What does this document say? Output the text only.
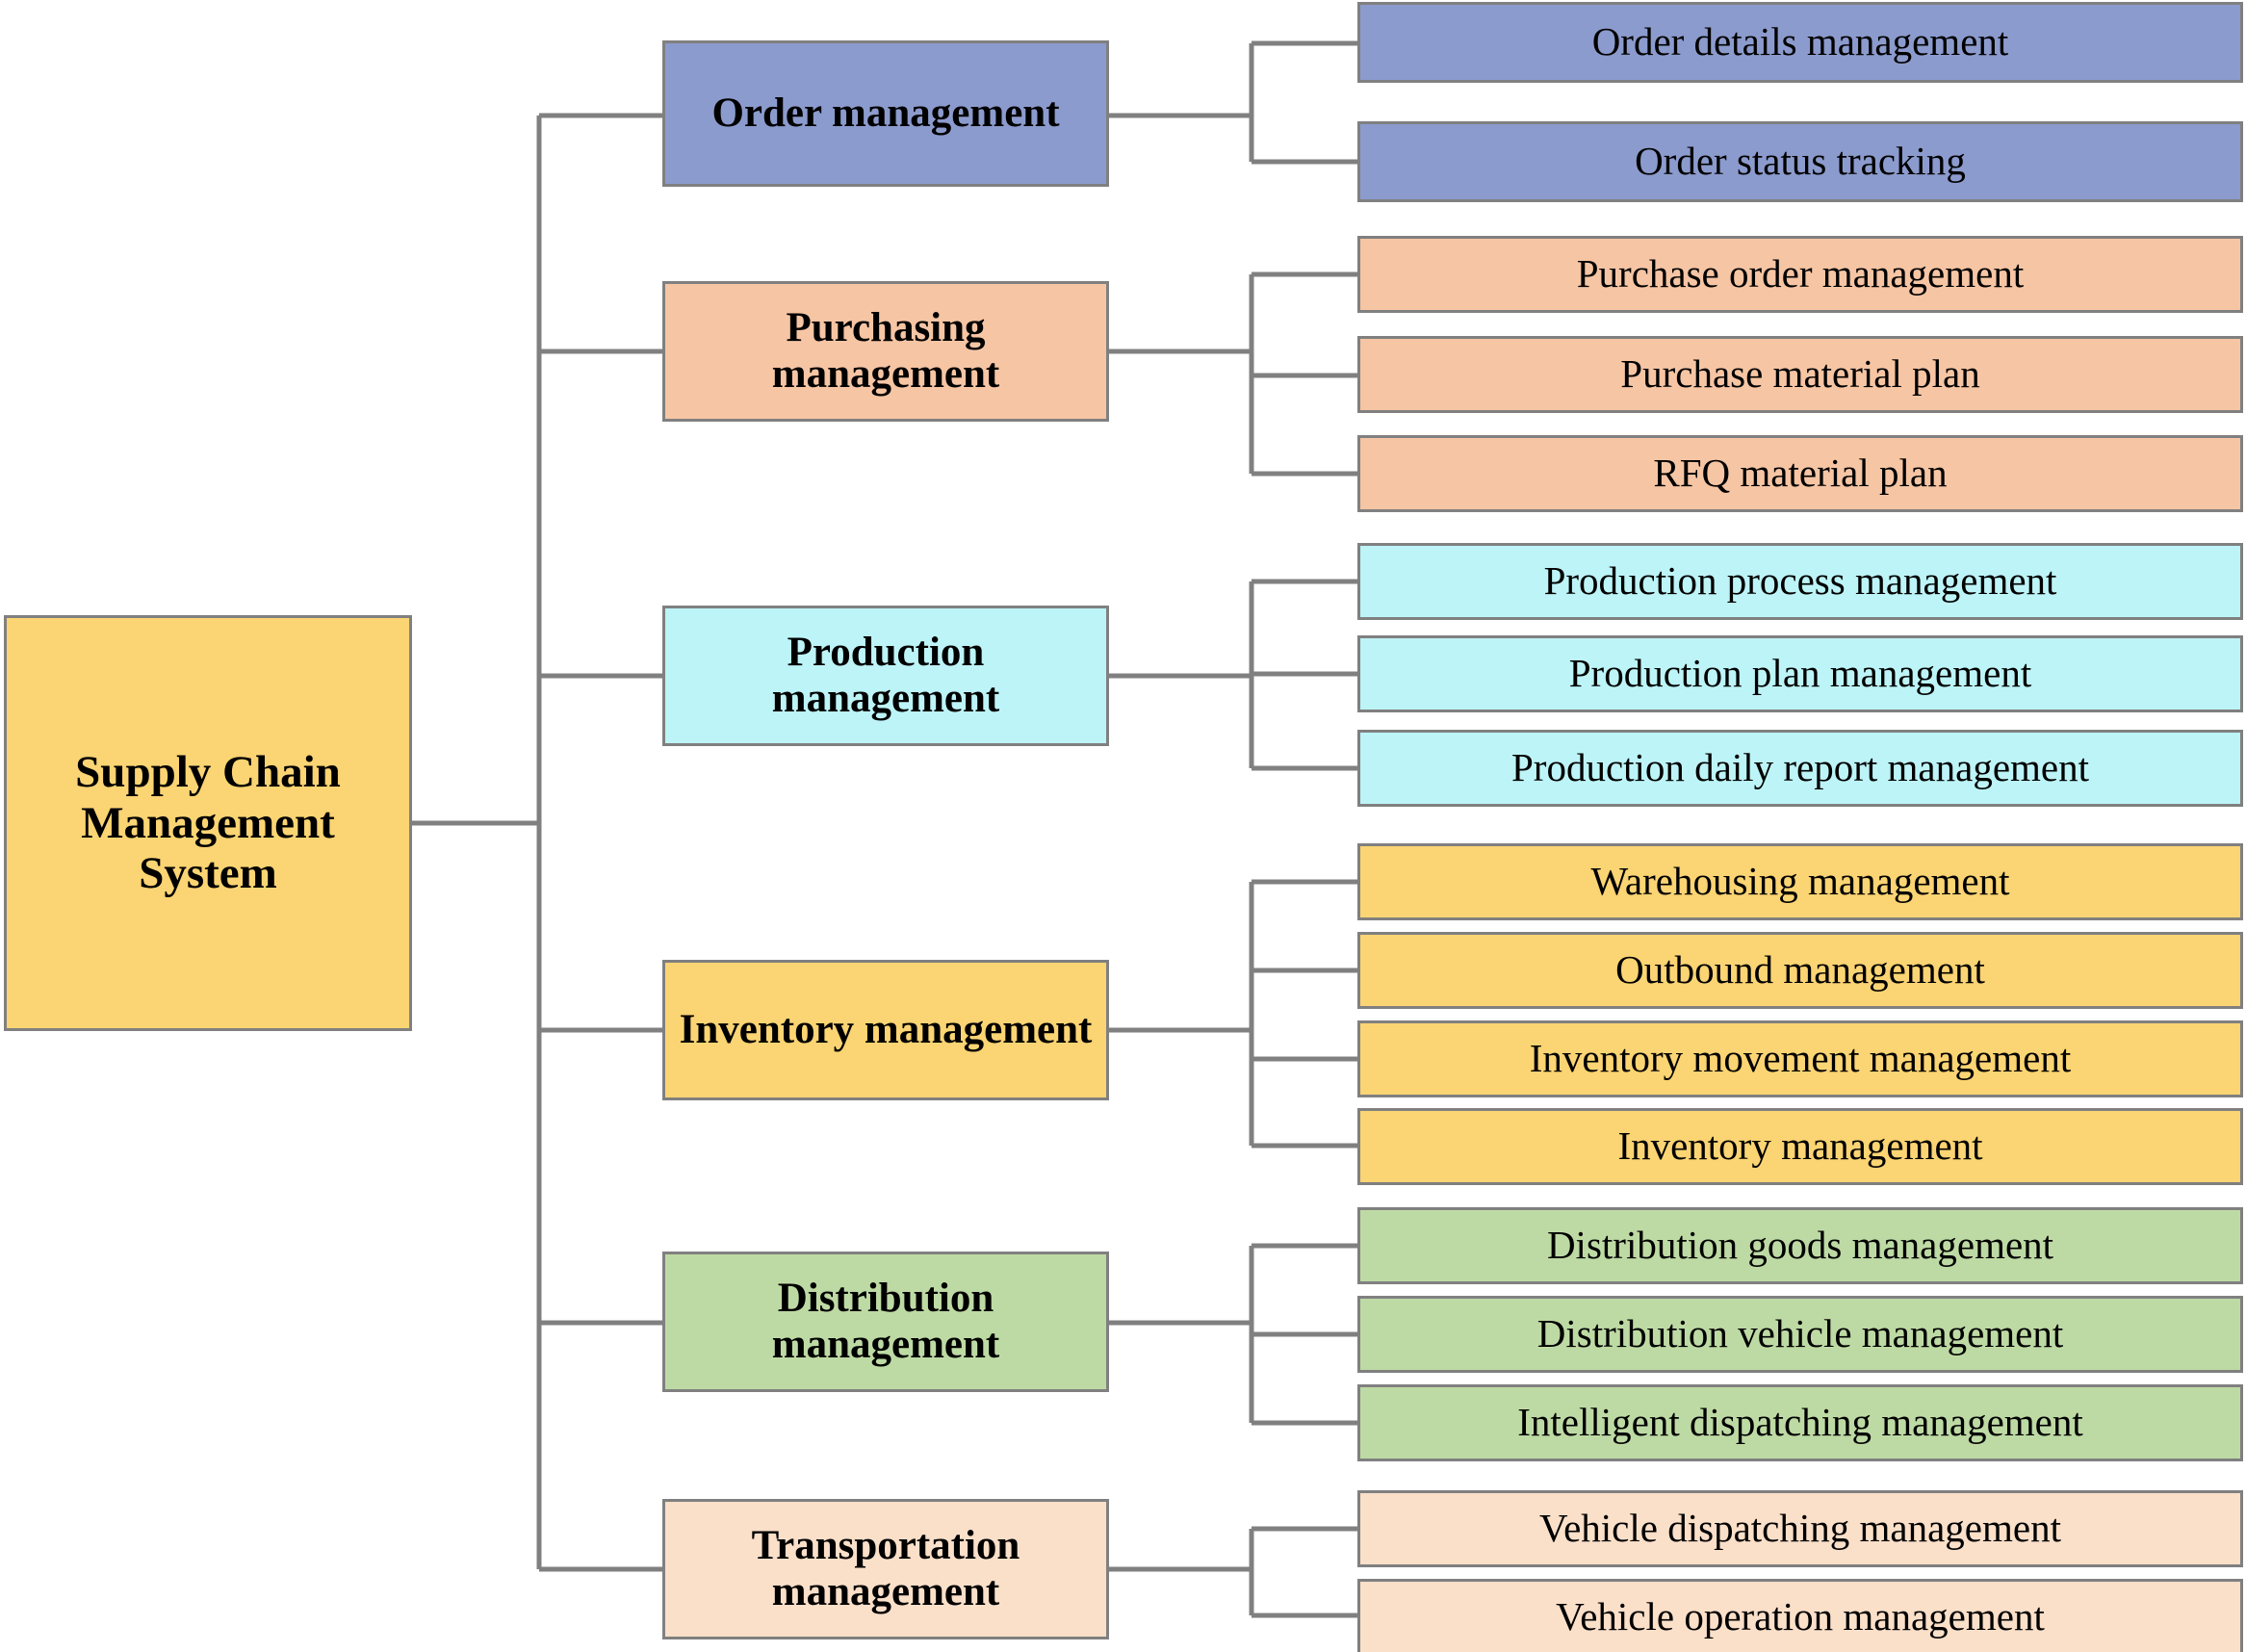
Supply Chain Management System
Order management
Order details management
Order status tracking
Purchasing management
Purchase order management
Purchase material plan
RFQ material plan
Production management
Production process management
Production plan management
Production daily report management
Inventory management
Warehousing management
Outbound management
Inventory movement management
Inventory management
Distribution management
Distribution goods management
Distribution vehicle management
Intelligent dispatching management
Transportation management
Vehicle dispatching management
Vehicle operation management
